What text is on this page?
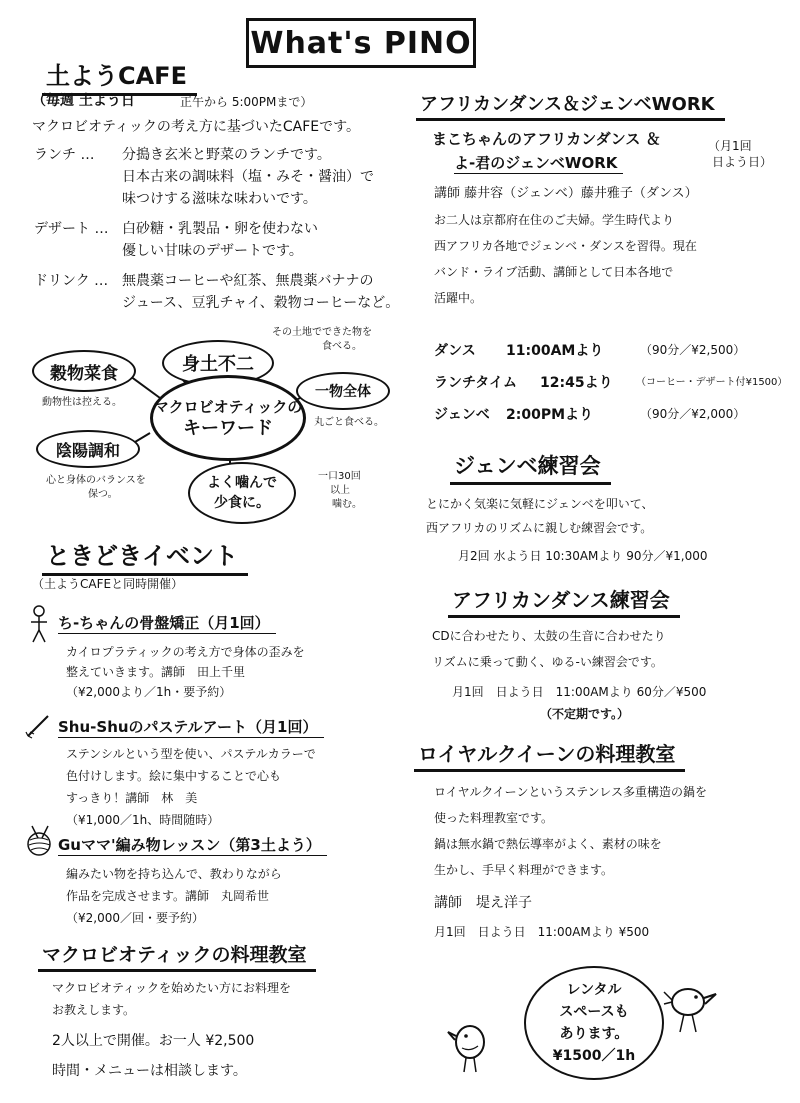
What's PINO
土ようCAFE
（毎週 土よう日	正午から 5:00PMまで）
マクロビオティックの考え方に基づいたCAFEです。
ランチ … 分搗き玄米と野菜のランチです。
日本古来の調味料（塩・みそ・醤油）で
味つけする滋味な味わいです。
デザート … 白砂糖・乳製品・卵を使わない
優しい甘味のデザートです。
ドリンク … 無農薬コーヒーや紅茶、無農薬バナナの
ジュース、豆乳チャイ、穀物コーヒーなど。
身土不二
その土地でできた物を
食べる。
穀物菜食
動物性は控える。 マクロビオティックの
キーワード
一物全体
丸ごと食べる。
陰陽調和
心と身体のバランスを
保つ。
よく噛んで
少食に。
一口30回
以上
噛む。
ときどきイベント
（土ようCAFEと同時開催）
ち-ちゃんの骨盤矯正（月1回）
カイロプラティックの考え方で身体の歪みを
整えていきます。講師　田上千里
（¥2,000より／1h・要予約）
Shu-Shuのパステルアート（月1回）
ステンシルという型を使い、パステルカラーで
色付けします。絵に集中することで心も
すっきり！講師　林　美
（¥1,000／1h、時間随時）
Guママ'編み物レッスン（第3土よう）
編みたい物を持ち込んで、教わりながら
作品を完成させます。講師　丸岡希世
（¥2,000／回・要予約）
マクロビオティックの料理教室
マクロビオティックを始めたい方にお料理を
お教えします。
2人以上で開催。お一人 ¥2,500
時間・メニューは相談します。
アフリカンダンス＆ジェンベWORK
まこちゃんのアフリカンダンス ＆
よ-君のジェンベWORK
（月1回
日よう日）
講師 藤井容（ジェンベ）藤井雅子（ダンス）
お二人は京都府在住のご夫婦。学生時代より
西アフリカ各地でジェンベ・ダンスを習得。現在
バンド・ライブ活動、講師として日本各地で
活躍中。
ダンス 11:00AMより	（90分／¥2,500）
ランチタイム 12:45より （コーヒー・デザート付¥1500）
ジェンベ 2:00PMより	（90分／¥2,000）
ジェンベ練習会
とにかく気楽に気軽にジェンベを叩いて、
西アフリカのリズムに親しむ練習会です。
月2回 水よう日 10:30AMより 90分／¥1,000
アフリカンダンス練習会
CDに合わせたり、太鼓の生音に合わせたり
リズムに乗って動く、ゆる-い練習会です。
月1回　日よう日　11:00AMより 60分／¥500
（不定期です。）
ロイヤルクイーンの料理教室
ロイヤルクイーンというステンレス多重構造の鍋を
使った料理教室です。
鍋は無水鍋で熱伝導率がよく、素材の味を
生かし、手早く料理ができます。
講師　堤え洋子
月1回　日よう日　11:00AMより ¥500
レンタル
スペースも
あります。
¥1500／1h
